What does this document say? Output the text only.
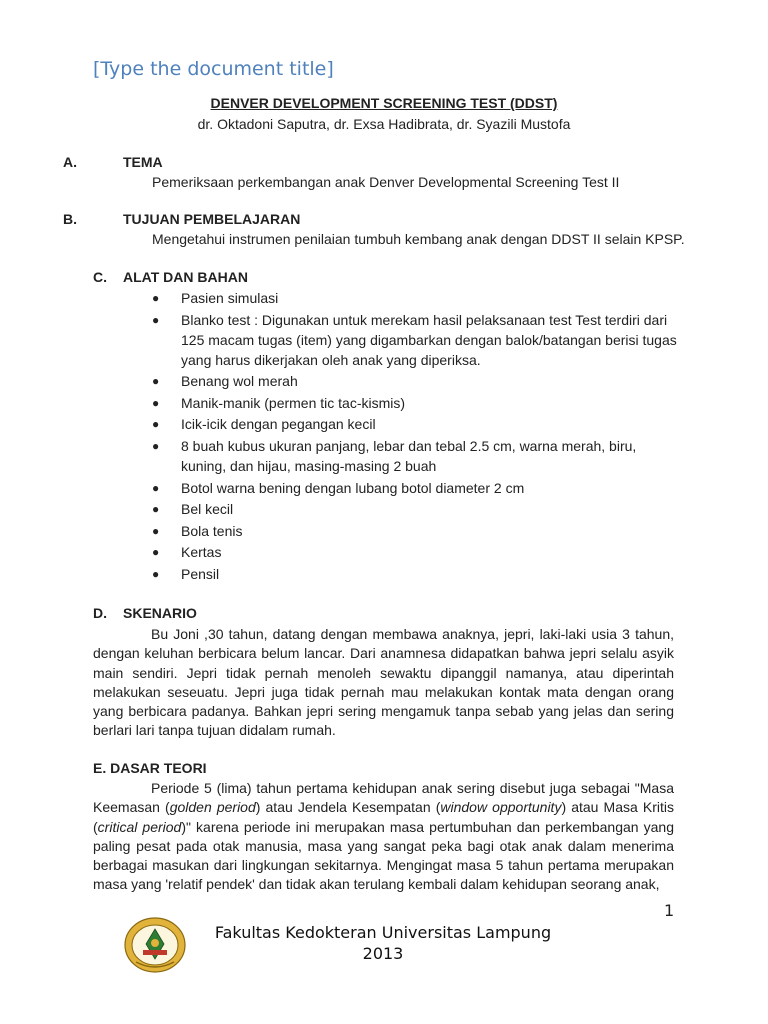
[Type the document title]
DENVER DEVELOPMENT SCREENING TEST (DDST)
dr. Oktadoni Saputra, dr. Exsa Hadibrata, dr. Syazili Mustofa
A.	TEMA
Pemeriksaan perkembangan anak Denver Developmental Screening Test II
B.	TUJUAN PEMBELAJARAN
Mengetahui instrumen penilaian tumbuh kembang anak dengan DDST II selain KPSP.
C. ALAT DAN BAHAN
● Pasien simulasi
● Blanko test : Digunakan untuk merekam hasil pelaksanaan test Test terdiri dari 125 macam tugas (item) yang digambarkan dengan balok/batangan berisi tugas yang harus dikerjakan oleh anak yang diperiksa.
● Benang wol merah
● Manik-manik (permen tic tac-kismis)
● Icik-icik dengan pegangan kecil
● 8 buah kubus ukuran panjang, lebar dan tebal 2.5 cm, warna merah, biru, kuning, dan hijau, masing-masing 2 buah
● Botol warna bening dengan lubang botol diameter 2 cm
● Bel kecil
● Bola tenis
● Kertas
● Pensil
D. SKENARIO
Bu Joni ,30 tahun, datang dengan membawa anaknya, jepri, laki-laki usia 3 tahun, dengan keluhan berbicara belum lancar. Dari anamnesa didapatkan bahwa jepri selalu asyik main sendiri. Jepri tidak pernah menoleh sewaktu dipanggil namanya, atau diperintah melakukan seseuatu. Jepri juga tidak pernah mau melakukan kontak mata dengan orang yang berbicara padanya. Bahkan jepri sering mengamuk tanpa sebab yang jelas dan sering berlari lari tanpa tujuan didalam rumah.
E. DASAR TEORI
Periode 5 (lima) tahun pertama kehidupan anak sering disebut juga sebagai "Masa Keemasan (golden period) atau Jendela Kesempatan (window opportunity) atau Masa Kritis (critical period)" karena periode ini merupakan masa pertumbuhan dan perkembangan yang paling pesat pada otak manusia, masa yang sangat peka bagi otak anak dalam menerima berbagai masukan dari lingkungan sekitarnya. Mengingat masa 5 tahun pertama merupakan masa yang 'relatif pendek' dan tidak akan terulang kembali dalam kehidupan seorang anak,
1
Fakultas Kedokteran Universitas Lampung
2013
